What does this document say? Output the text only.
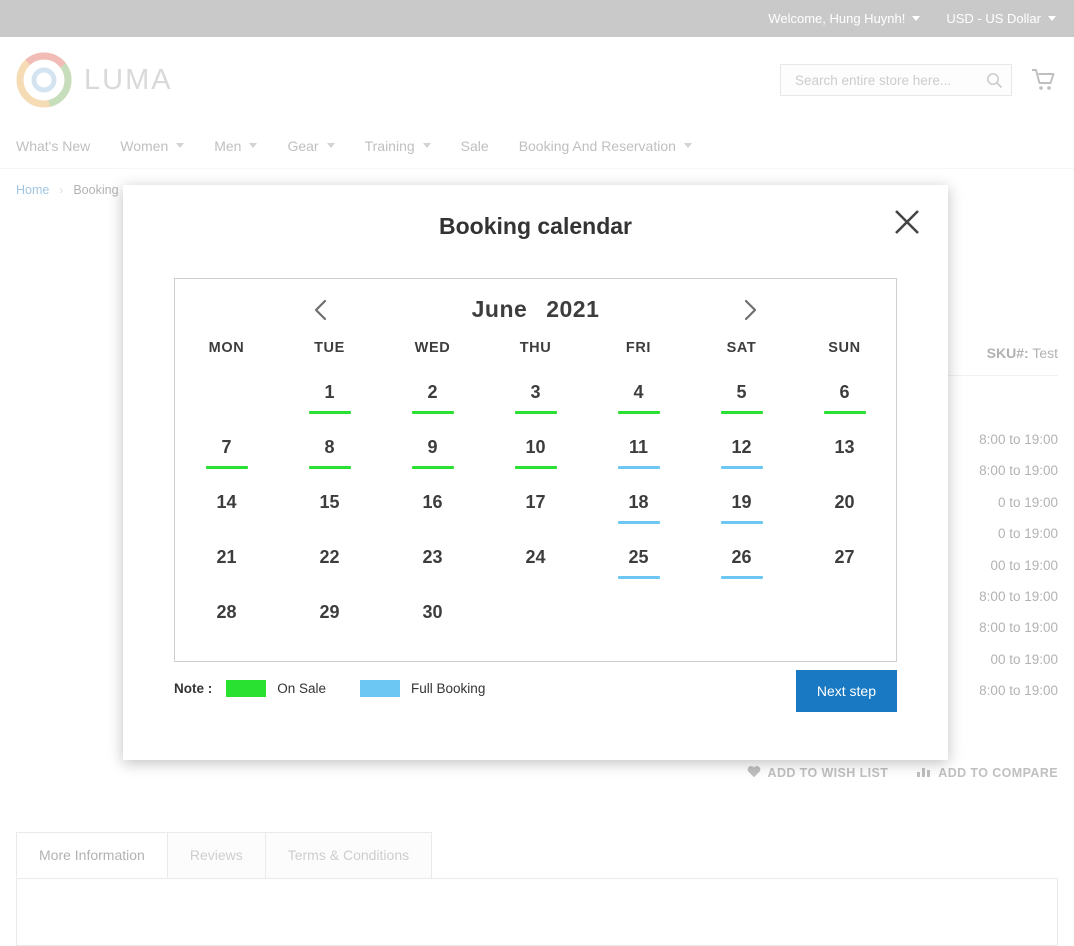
Search entire store here...
Booking calendar
June 2021
MON	TUE	WED	THU	FRI	SAT	SUN

	1	2	3	4	5	6

7	8	9	10	11	12	13

14	15	16	17	18	19	20

21	22	23	24	25	26	27

28	29	30				

Note :	On Sale	Full Booking	Next step
